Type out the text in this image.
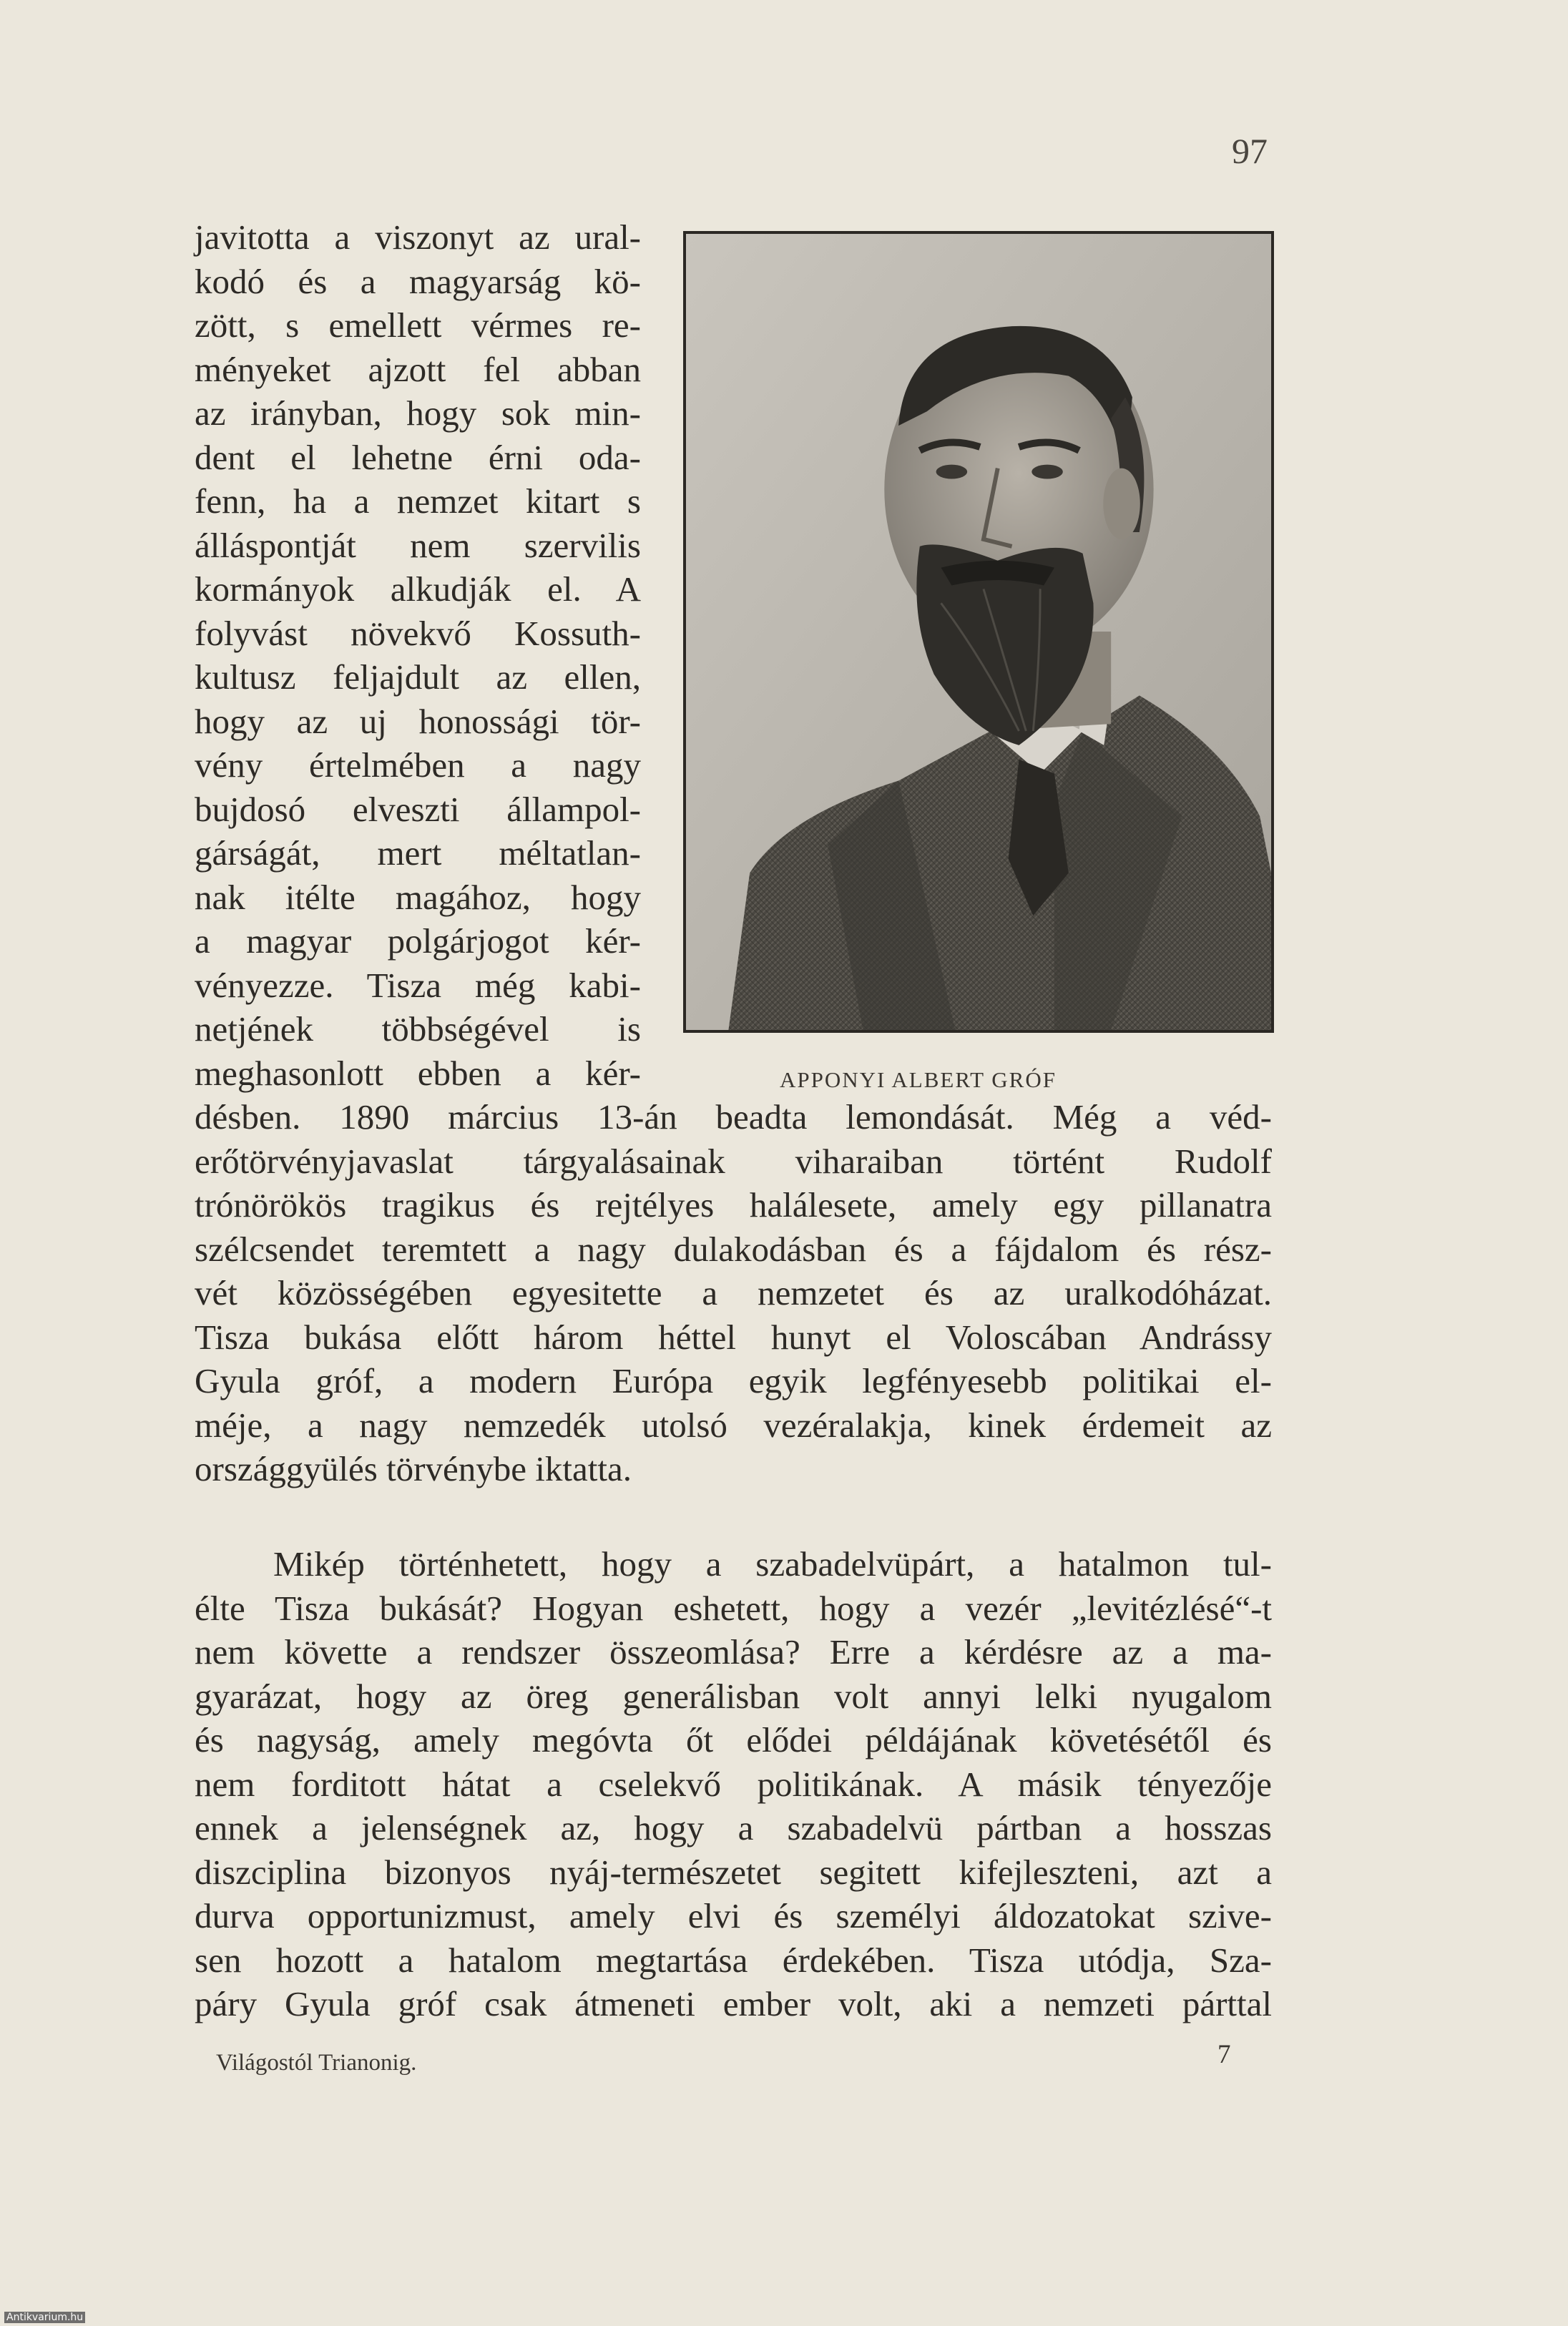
97
javitotta a viszonyt az ural-
kodó és a magyarság kö-
zött, s emellett vérmes re-
ményeket ajzott fel abban
az irányban, hogy sok min-
dent el lehetne érni oda-
fenn, ha a nemzet kitart s
álláspontját nem szervilis
kormányok alkudják el. A
folyvást növekvő Kossuth-
kultusz feljajdult az ellen,
hogy az uj honossági tör-
vény értelmében a nagy
bujdosó elveszti állampol-
gárságát, mert méltatlan-
nak itélte magához, hogy
a magyar polgárjogot kér-
vényezze. Tisza még kabi-
netjének többségével is
meghasonlott ebben a kér-
désben. 1890 március 13-án beadta lemondását. Még a véd-
erőtörvényjavaslat tárgyalásainak viharaiban történt Rudolf
trónörökös tragikus és rejtélyes halálesete, amely egy pillanatra
szélcsendet teremtett a nagy dulakodásban és a fájdalom és rész-
vét közösségében egyesitette a nemzetet és az uralkodóházat.
Tisza bukása előtt három héttel hunyt el Voloscában Andrássy
Gyula gróf, a modern Európa egyik legfényesebb politikai el-
méje, a nagy nemzedék utolsó vezéralakja, kinek érdemeit az
országgyülés törvénybe iktatta.
APPONYI ALBERT GRÓF
Mikép történhetett, hogy a szabadelvüpárt, a hatalmon tul-
élte Tisza bukását? Hogyan eshetett, hogy a vezér „levitézlésé“-t
nem követte a rendszer összeomlása? Erre a kérdésre az a ma-
gyarázat, hogy az öreg generálisban volt annyi lelki nyugalom
és nagyság, amely megóvta őt elődei példájának követésétől és
nem forditott hátat a cselekvő politikának. A másik tényezője
ennek a jelenségnek az, hogy a szabadelvü pártban a hosszas
diszciplina bizonyos nyáj-természetet segitett kifejleszteni, azt a
durva opportunizmust, amely elvi és személyi áldozatokat szive-
sen hozott a hatalom megtartása érdekében. Tisza utódja, Sza-
páry Gyula gróf csak átmeneti ember volt, aki a nemzeti párttal
Világostól Trianonig.	7
Antikvarium.hu
